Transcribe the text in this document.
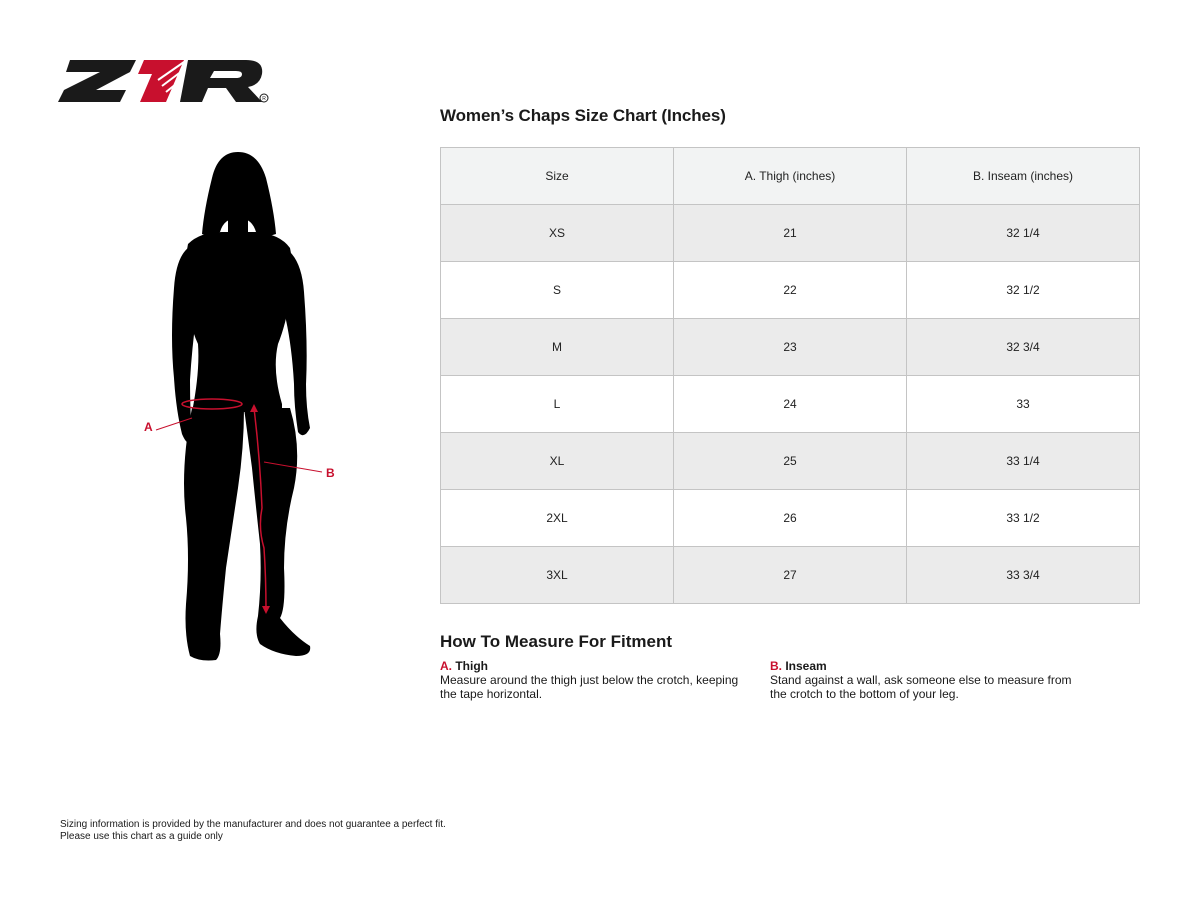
R
A
B
Women’s Chaps Size Chart (Inches)
Size	A. Thigh (inches)	B. Inseam (inches)
XS	21	32 1/4
S	22	32 1/2
M	23	32 3/4
L	24	33
XL	25	33 1/4
2XL	26	33 1/2
3XL	27	33 3/4
How To Measure For Fitment
A. Thigh
Measure around the thigh just below the crotch, keeping the tape horizontal.
B. Inseam
Stand against a wall, ask someone else to measure from the crotch to the bottom of your leg.
Sizing information is provided by the manufacturer and does not guarantee a perfect fit.
Please use this chart as a guide only
